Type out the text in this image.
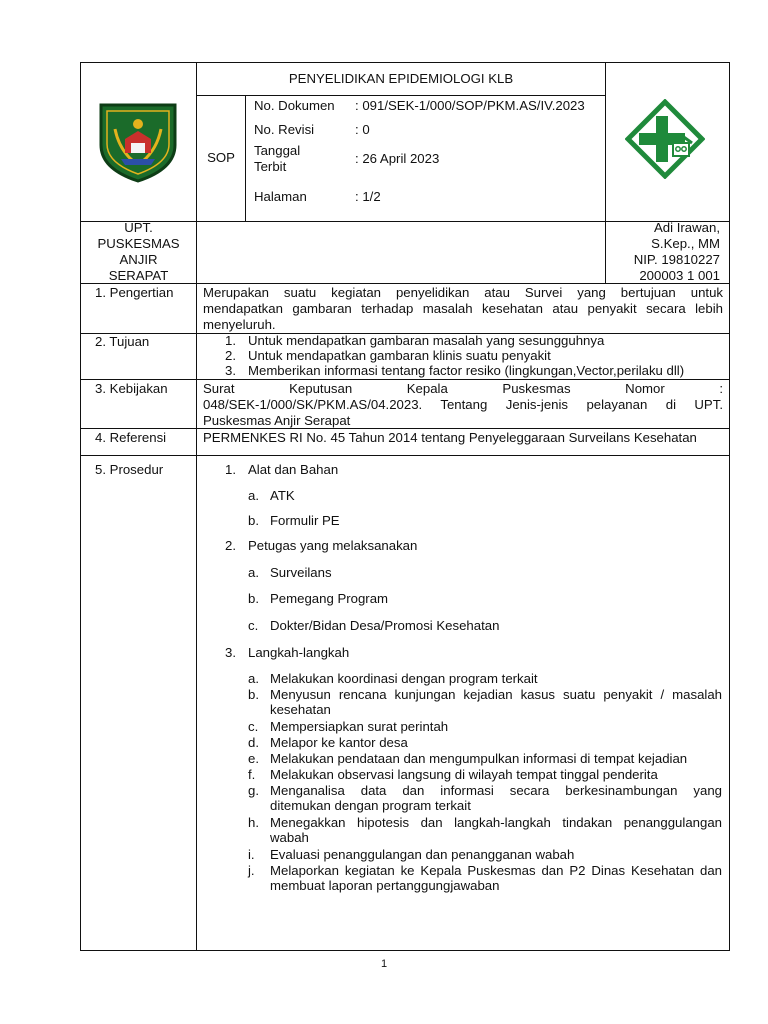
PENYELIDIKAN EPIDEMIOLOGI KLB
SOP
No. Dokumen : 091/SEK-1/000/SOP/PKM.AS/IV.2023
No. Revisi	: 0
Tanggal
Terbit
: 26 April 2023
Halaman	: 1/2
UPT.
PUSKESMAS
ANJIR
SERAPAT
Adi Irawan,
S.Kep., MM
NIP. 19810227
200003 1 001
1. Pengertian Merupakan suatu kegiatan penyelidikan atau Survei yang bertujuan untuk
mendapatkan gambaran terhadap masalah kesehatan atau penyakit secara lebih
menyeluruh.
2. Tujuan	1. Untuk mendapatkan gambaran masalah yang sesungguhnya
2. Untuk mendapatkan gambaran klinis suatu penyakit
3. Memberikan informasi tentang factor resiko (lingkungan,Vector,perilaku dll)
3. Kebijakan	Surat Keputusan Kepala Puskesmas Nomor :
048/SEK-1/000/SK/PKM.AS/04.2023. Tentang Jenis-jenis pelayanan di UPT.
Puskesmas Anjir Serapat
4. Referensi	PERMENKES RI No. 45 Tahun 2014 tentang Penyeleggaraan Surveilans Kesehatan
5. Prosedur	1. Alat dan Bahan
a. ATK
b. Formulir PE
2. Petugas yang melaksanakan
a. Surveilans
b. Pemegang Program
c. Dokter/Bidan Desa/Promosi Kesehatan
3. Langkah-langkah
a. Melakukan koordinasi dengan program terkait
b. Menyusun rencana kunjungan kejadian kasus suatu penyakit / masalah
kesehatan
c. Mempersiapkan surat perintah
d. Melapor ke kantor desa
e. Melakukan pendataan dan mengumpulkan informasi di tempat kejadian
f. Melakukan observasi langsung di wilayah tempat tinggal penderita
g. Menganalisa data dan informasi secara berkesinambungan yang
ditemukan dengan program terkait
h. Menegakkan hipotesis dan langkah-langkah tindakan penanggulangan
wabah
i. Evaluasi penanggulangan dan penangganan wabah
j. Melaporkan kegiatan ke Kepala Puskesmas dan P2 Dinas Kesehatan dan
membuat laporan pertanggungjawaban
1
